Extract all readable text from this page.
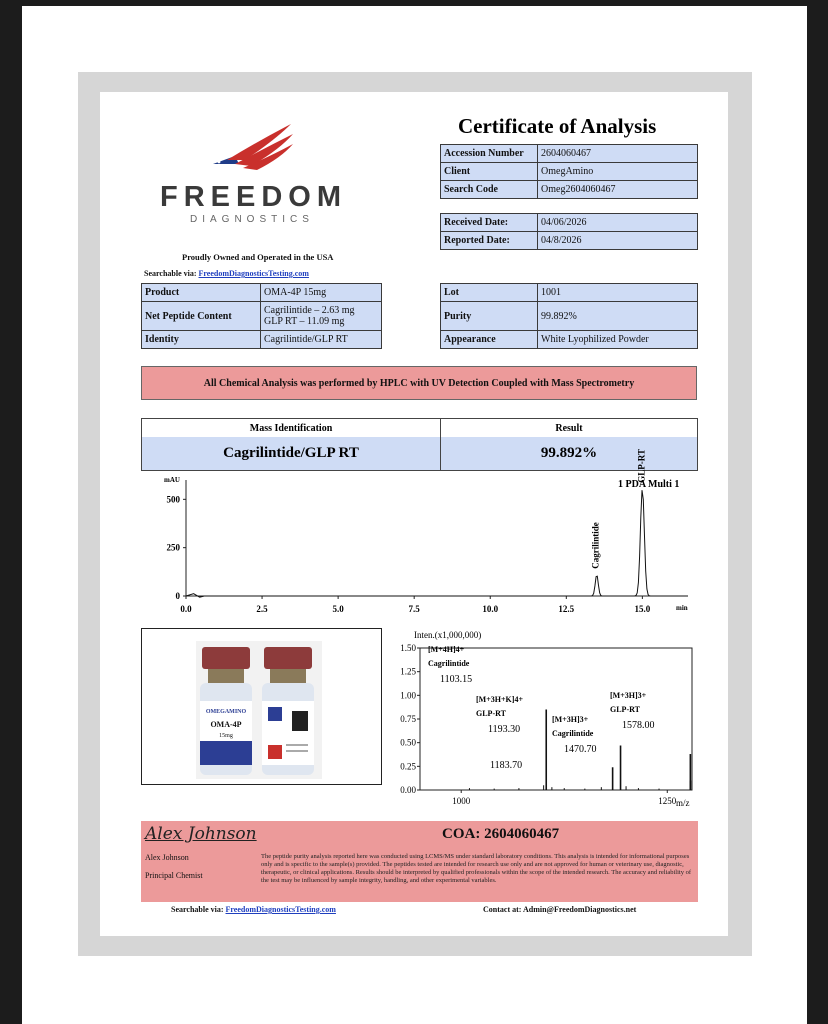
FREEDOM
DIAGNOSTICS
Proudly Owned and Operated in the USA
Searchable via: FreedomDiagnosticsTesting.com
Certificate of Analysis
Accession Number	2604060467
Client	OmegAmino
Search Code	Omeg2604060467
Received Date:	04/06/2026
Reported Date:	04/8/2026
Product	OMA-4P 15mg
Net Peptide Content	Cagrilintide – 2.63 mg
GLP RT – 11.09 mg
Identity	Cagrilintide/GLP RT
Lot	1001
Purity	99.892%
Appearance	White Lyophilized Powder
All Chemical Analysis was performed by HPLC with UV Detection Coupled with Mass Spectrometry
Mass Identification	Result
Cagrilintide/GLP RT	99.892%
1 PDA Multi 1
mAU
min
0.0	2.5	5.0	7.5	10.0	12.5	15.0
0
250
500
Cagrilintide
GLP-RT
OMEGAMINO
OMA-4P
15mg
Inten.(x1,000,000)
m/z
1000	1250
0.00
0.25
0.50
0.75
1.00
1.25
1.50 [M+4H]4+
Cagrilintide
1103.15
[M+3H+K]4+
GLP-RT
1193.30
1183.70
[M+3H]3+
Cagrilintide
1470.70
[M+3H]3+
GLP-RT
1578.00
Alex Johnson
Alex Johnson
Principal Chemist
COA: 2604060467
The peptide purity analysis reported here was conducted using LCMS/MS under standard laboratory conditions. This analysis is intended for informational purposes only and is specific to the sample(s) provided. The peptides tested are intended for research use only and are not approved for human or veterinary use, diagnostic, therapeutic, or clinical applications. Results should be interpreted by qualified professionals within the scope of the intended research. The accuracy and reliability of the test may be influenced by sample integrity, handling, and other experimental variables.
Searchable via: FreedomDiagnosticsTesting.com	Contact at: Admin@FreedomDiagnostics.net
